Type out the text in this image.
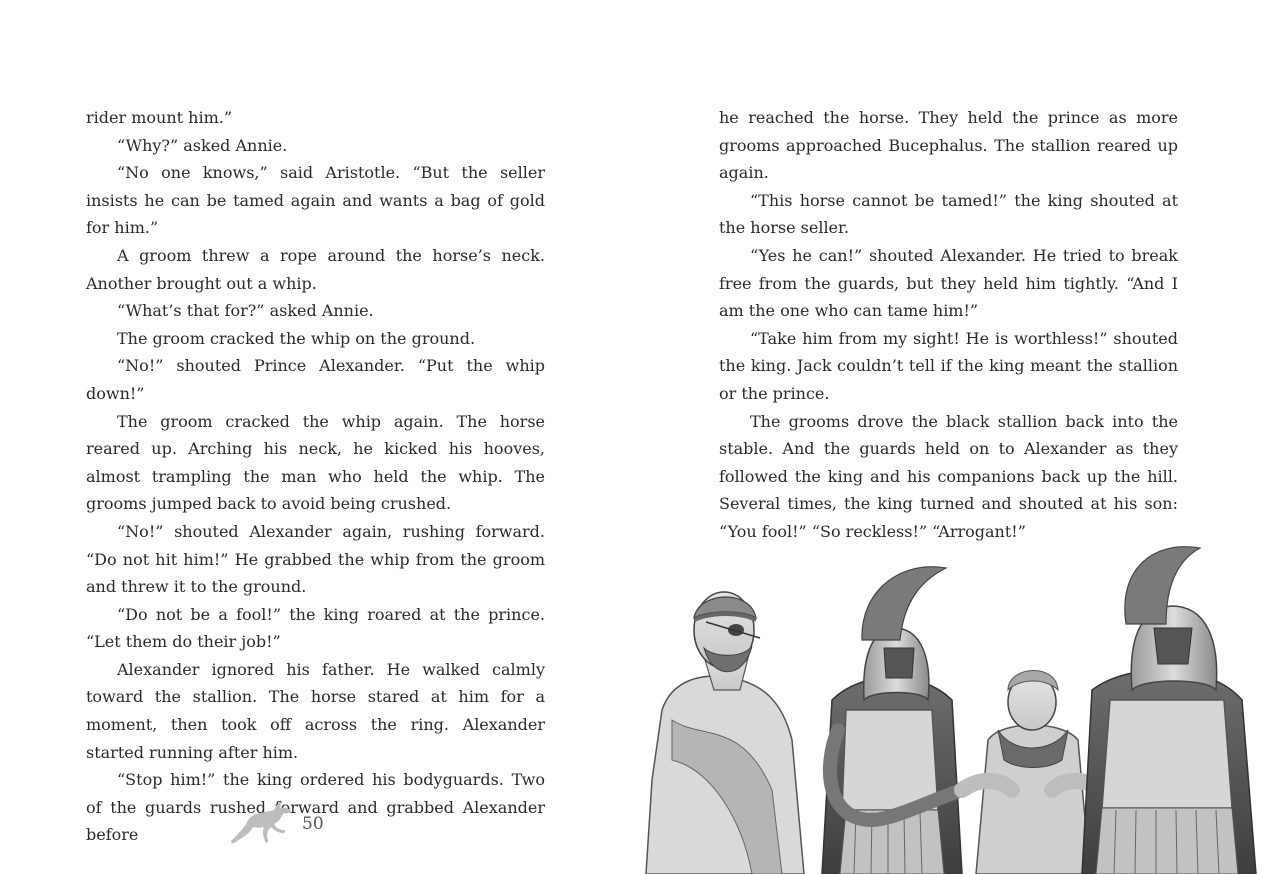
rider mount him.”

“Why?” asked Annie.

“No one knows,” said Aristotle. “But the seller insists he can be tamed again and wants a bag of gold for him.”

A groom threw a rope around the horse’s neck. Another brought out a whip.

“What’s that for?” asked Annie.

The groom cracked the whip on the ground.

“No!” shouted Prince Alexander. “Put the whip down!”

The groom cracked the whip again. The horse reared up. Arching his neck, he kicked his hooves, almost trampling the man who held the whip. The grooms jumped back to avoid being crushed.

“No!” shouted Alexander again, rushing forward. “Do not hit him!” He grabbed the whip from the groom and threw it to the ground.

“Do not be a fool!” the king roared at the prince. “Let them do their job!”

Alexander ignored his father. He walked calmly toward the stallion. The horse stared at him for a moment, then took off across the ring. Alexander started running after him.

“Stop him!” the king ordered his bodyguards. Two of the guards rushed forward and grabbed Alexander before

50

he reached the horse. They held the prince as more grooms approached Bucephalus. The stallion reared up again.

“This horse cannot be tamed!” the king shouted at the horse seller.

“Yes he can!” shouted Alexander. He tried to break free from the guards, but they held him tightly. “And I am the one who can tame him!”

“Take him from my sight! He is worthless!” shouted the king. Jack couldn’t tell if the king meant the stallion or the prince.

The grooms drove the black stallion back into the stable. And the guards held on to Alexander as they followed the king and his companions back up the hill. Several times, the king turned and shouted at his son: “You fool!” “So reckless!” “Arrogant!”
